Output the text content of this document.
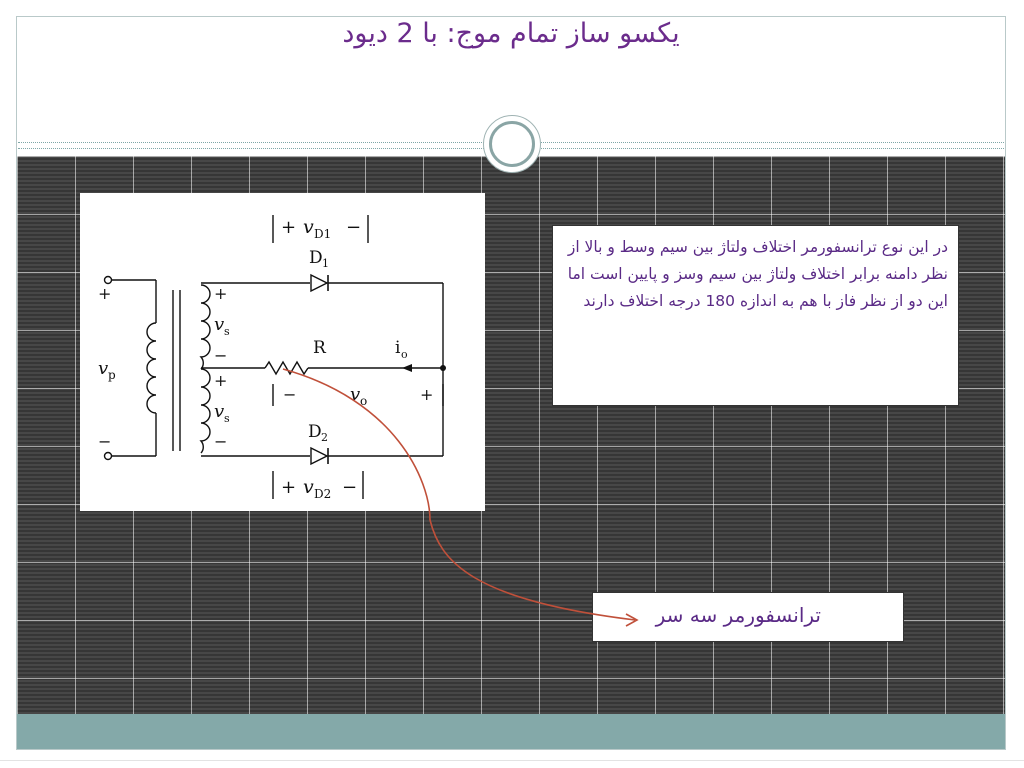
یکسو ساز تمام موج: با 2 دیود
+ v D1 −
D 1
+
−
v p
+
v s
−
+
v s
−
R	i o
−	v o	+
D 2
+ v D2 −
در این نوع ترانسفورمر اختلاف ولتاژ بین سیم وسط و بالا از نظر دامنه برابر اختلاف ولتاژ بین سیم وسز و پایین است اما این دو از نظر فاز با هم به اندازه 180 درجه اختلاف دارند
ترانسفورمر سه سر
